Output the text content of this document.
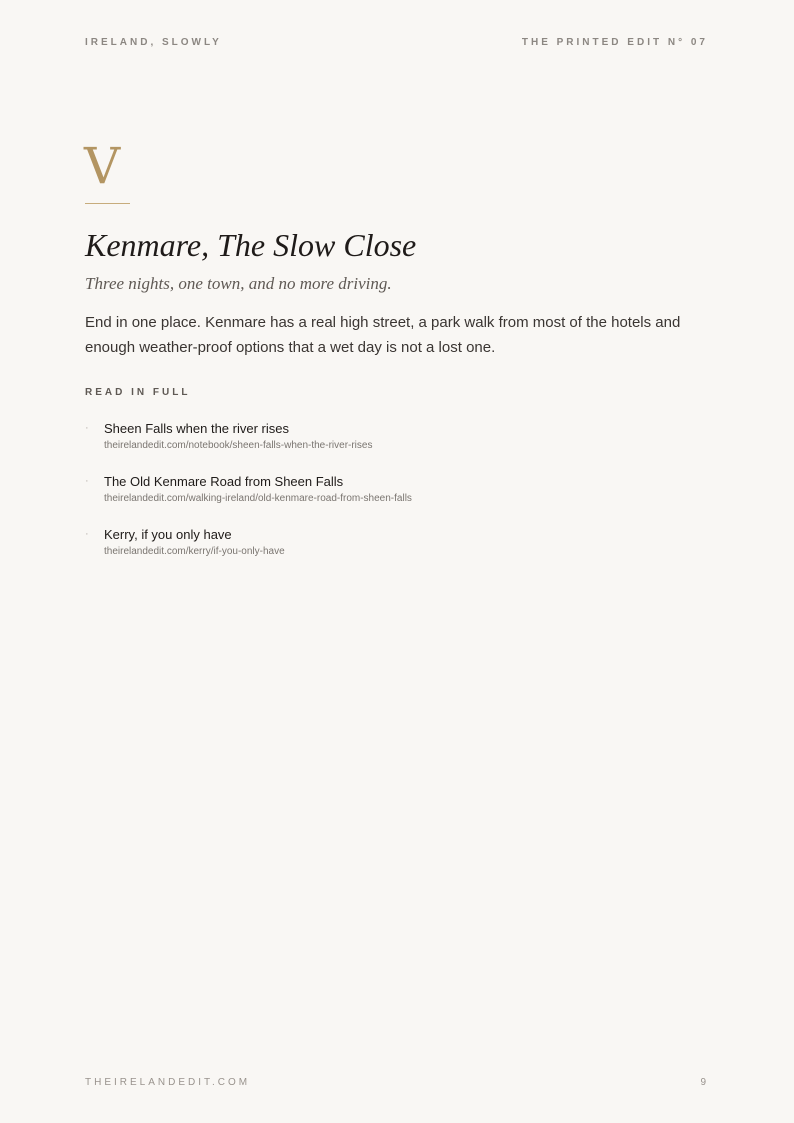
IRELAND, SLOWLY	THE PRINTED EDIT N° 07
V
Kenmare, The Slow Close
Three nights, one town, and no more driving.

End in one place. Kenmare has a real high street, a park walk from most of the hotels and enough weather-proof options that a wet day is not a lost one.

READ IN FULL
· Sheen Falls when the river rises
theirelandedit.com/notebook/sheen-falls-when-the-river-rises
· The Old Kenmare Road from Sheen Falls
theirelandedit.com/walking-ireland/old-kenmare-road-from-sheen-falls
· Kerry, if you only have
theirelandedit.com/kerry/if-you-only-have
THEIRELANDEDIT.COM	9
